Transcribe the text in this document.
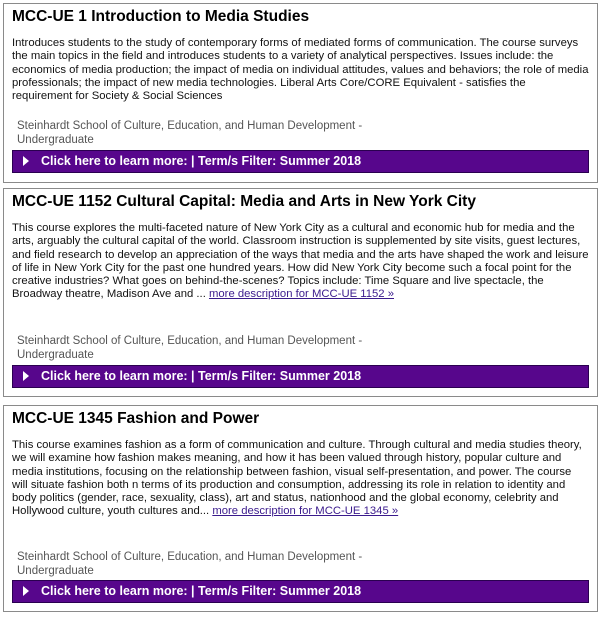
MCC-UE 1 Introduction to Media Studies
Introduces students to the study of contemporary forms of mediated forms of communication. The course surveys the main topics in the field and introduces students to a variety of analytical perspectives. Issues include: the economics of media production; the impact of media on individual attitudes, values and behaviors; the role of media professionals; the impact of new media technologies. Liberal Arts Core/CORE Equivalent - satisfies the requirement for Society & Social Sciences
Steinhardt School of Culture, Education, and Human Development - Undergraduate
Click here to learn more: | Term/s Filter: Summer 2018
MCC-UE 1152 Cultural Capital: Media and Arts in New York City
This course explores the multi-faceted nature of New York City as a cultural and economic hub for media and the arts, arguably the cultural capital of the world. Classroom instruction is supplemented by site visits, guest lectures, and field research to develop an appreciation of the ways that media and the arts have shaped the work and leisure of life in New York City for the past one hundred years. How did New York City become such a focal point for the creative industries? What goes on behind-the-scenes? Topics include: Time Square and live spectacle, the Broadway theatre, Madison Ave and ... more description for MCC-UE 1152 »
Steinhardt School of Culture, Education, and Human Development - Undergraduate
Click here to learn more: | Term/s Filter: Summer 2018
MCC-UE 1345 Fashion and Power
This course examines fashion as a form of communication and culture. Through cultural and media studies theory, we will examine how fashion makes meaning, and how it has been valued through history, popular culture and media institutions, focusing on the relationship between fashion, visual self-presentation, and power. The course will situate fashion both n terms of its production and consumption, addressing its role in relation to identity and body politics (gender, race, sexuality, class), art and status, nationhood and the global economy, celebrity and Hollywood culture, youth cultures and... more description for MCC-UE 1345 »
Steinhardt School of Culture, Education, and Human Development - Undergraduate
Click here to learn more: | Term/s Filter: Summer 2018
